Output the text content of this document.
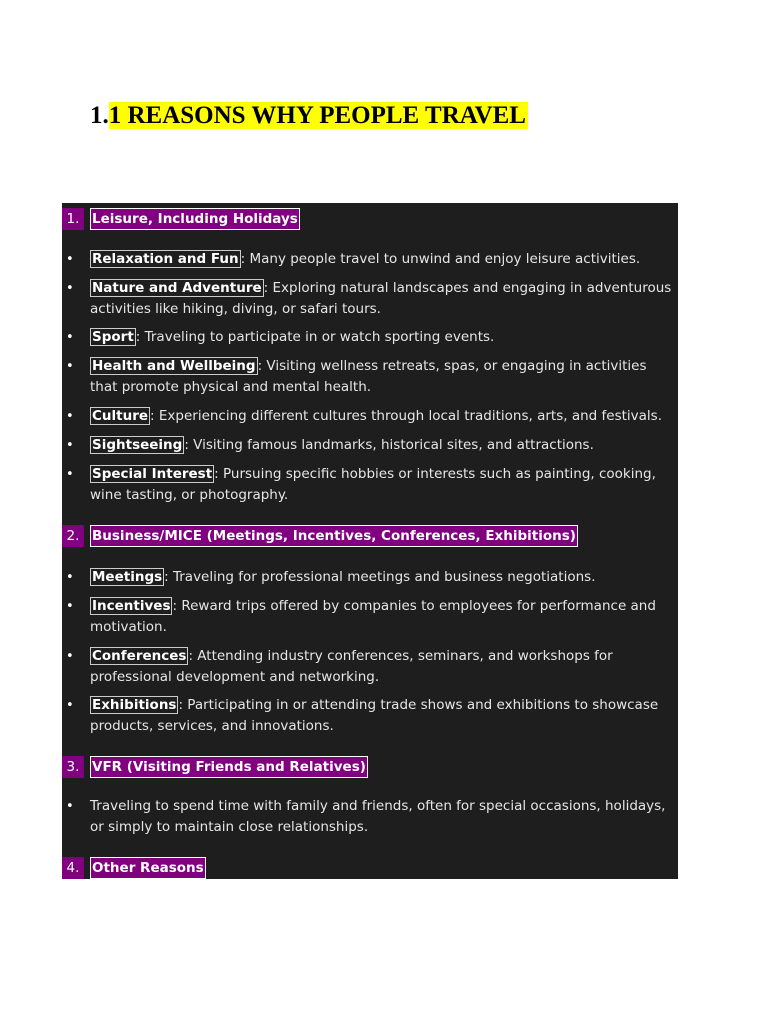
1.1 REASONS WHY PEOPLE TRAVEL
1. Leisure, Including Holidays
• Relaxation and Fun : Many people travel to unwind and enjoy leisure activities.
• Nature and Adventure : Exploring natural landscapes and engaging in adventurous activities like hiking, diving, or safari tours.
• Sport : Traveling to participate in or watch sporting events.
• Health and Wellbeing : Visiting wellness retreats, spas, or engaging in activities that promote physical and mental health.
• Culture : Experiencing different cultures through local traditions, arts, and festivals.
• Sightseeing : Visiting famous landmarks, historical sites, and attractions.
• Special Interest : Pursuing specific hobbies or interests such as painting, cooking, wine tasting, or photography.
2. Business/MICE (Meetings, Incentives, Conferences, Exhibitions)
• Meetings : Traveling for professional meetings and business negotiations.
• Incentives : Reward trips offered by companies to employees for performance and motivation.
• Conferences : Attending industry conferences, seminars, and workshops for professional development and networking.
• Exhibitions : Participating in or attending trade shows and exhibitions to showcase products, services, and innovations.
3. VFR (Visiting Friends and Relatives)
• Traveling to spend time with family and friends, often for special occasions, holidays, or simply to maintain close relationships.
4. Other Reasons
